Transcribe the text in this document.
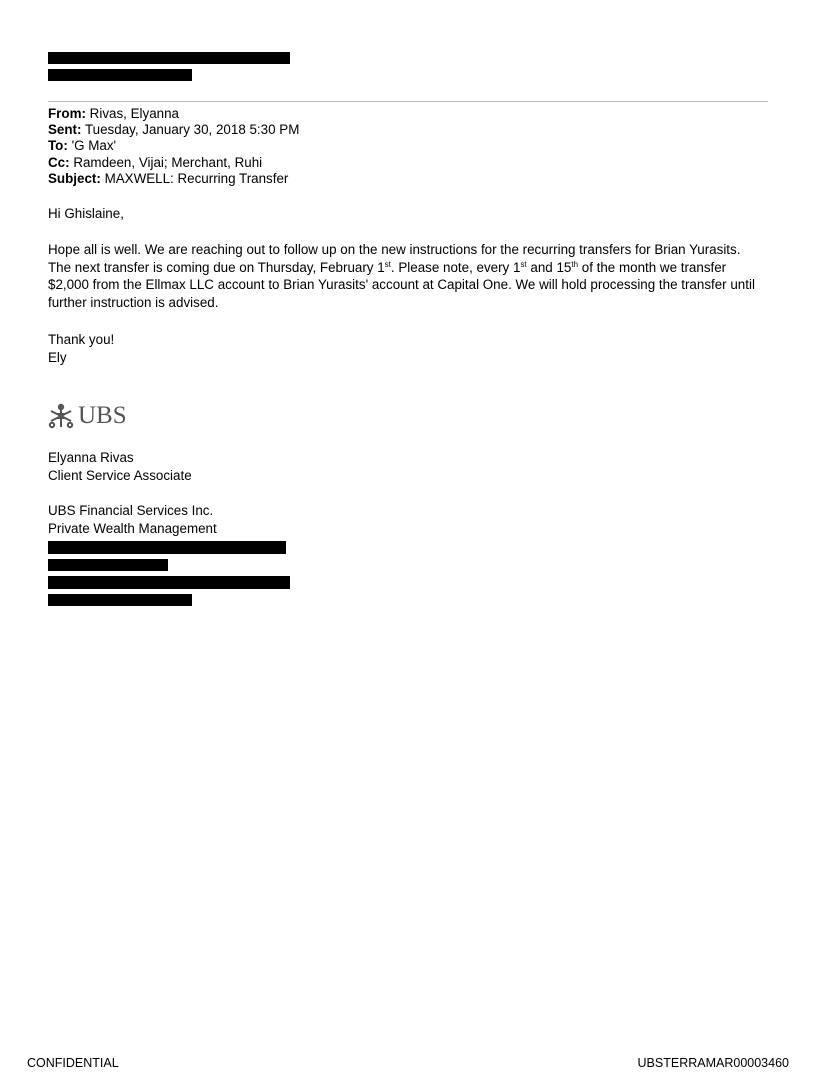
From: Rivas, Elyanna
Sent: Tuesday, January 30, 2018 5:30 PM
To: 'G Max'
Cc: Ramdeen, Vijai; Merchant, Ruhi
Subject: MAXWELL: Recurring Transfer
Hi Ghislaine,
Hope all is well. We are reaching out to follow up on the new instructions for the recurring transfers for Brian Yurasits.
The next transfer is coming due on Thursday, February 1st. Please note, every 1st and 15th of the month we transfer
$2,000 from the Ellmax LLC account to Brian Yurasits' account at Capital One. We will hold processing the transfer until
further instruction is advised.
Thank you!
Ely
UBS
Elyanna Rivas
Client Service Associate
UBS Financial Services Inc.
Private Wealth Management
CONFIDENTIAL	UBSTERRAMAR00003460
